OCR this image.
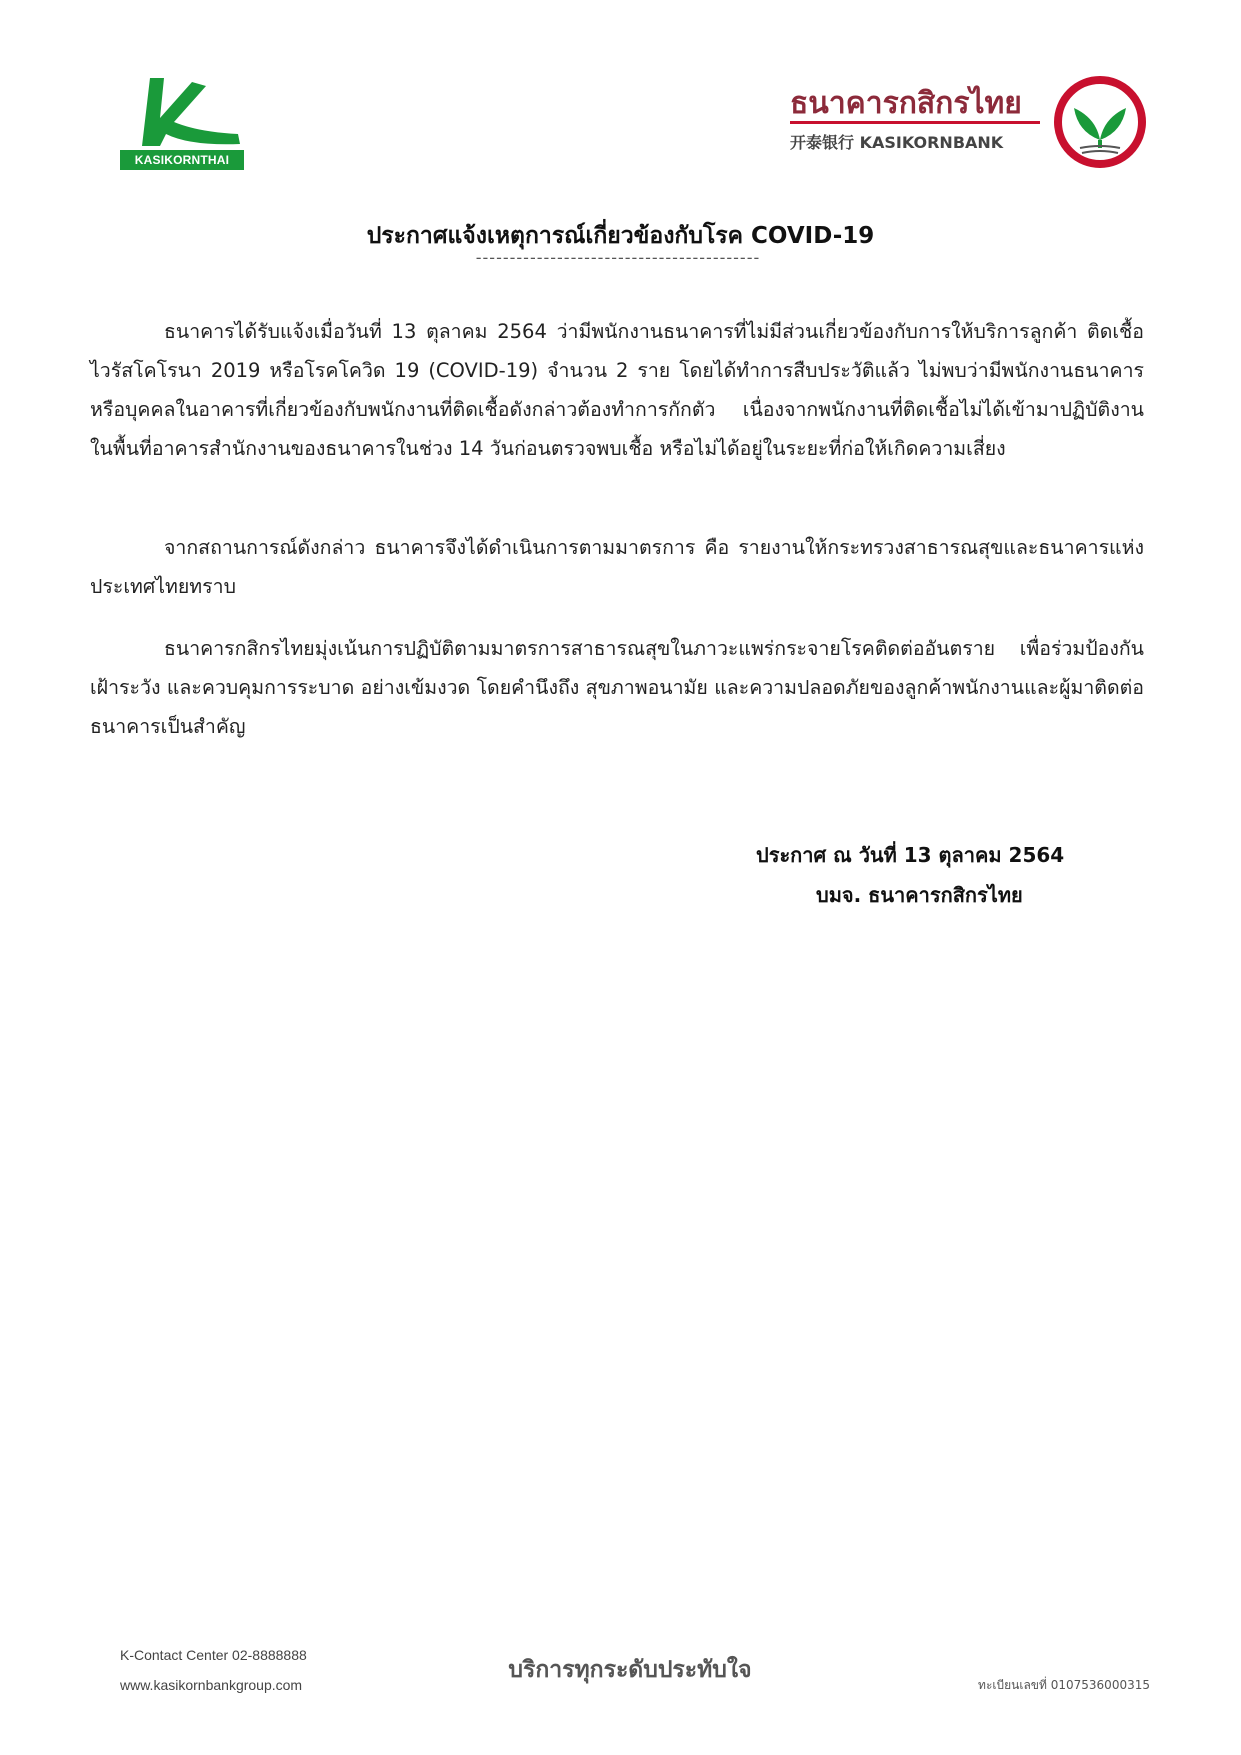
KASIKORNTHAI
ธนาคารกสิกรไทย
开泰银行 KASIKORNBANK
ประกาศแจ้งเหตุการณ์เกี่ยวข้องกับโรค COVID-19
------------------------------------------
ธนาคารได้รับแจ้งเมื่อวันที่ 13 ตุลาคม 2564 ว่ามีพนักงานธนาคารที่ไม่มีส่วนเกี่ยวข้องกับการให้บริการลูกค้า ติดเชื้อไวรัสโคโรนา 2019 หรือโรคโควิด 19 (COVID-19) จำนวน 2 ราย โดยได้ทำการสืบประวัติแล้ว ไม่พบว่ามีพนักงานธนาคารหรือบุคคลในอาคารที่เกี่ยวข้องกับพนักงานที่ติดเชื้อดังกล่าวต้องทำการกักตัว เนื่องจากพนักงานที่ติดเชื้อไม่ได้เข้ามาปฏิบัติงานในพื้นที่อาคารสำนักงานของธนาคารในช่วง 14 วันก่อนตรวจพบเชื้อ หรือไม่ได้อยู่ในระยะที่ก่อให้เกิดความเสี่ยง
จากสถานการณ์ดังกล่าว ธนาคารจึงได้ดำเนินการตามมาตรการ คือ รายงานให้กระทรวงสาธารณสุขและธนาคารแห่งประเทศไทยทราบ
ธนาคารกสิกรไทยมุ่งเน้นการปฏิบัติตามมาตรการสาธารณสุขในภาวะแพร่กระจายโรคติดต่ออันตราย เพื่อร่วมป้องกัน เฝ้าระวัง และควบคุมการระบาด อย่างเข้มงวด โดยคำนึงถึง สุขภาพอนามัย และความปลอดภัยของลูกค้าพนักงานและผู้มาติดต่อธนาคารเป็นสำคัญ
ประกาศ ณ วันที่ 13 ตุลาคม 2564
บมจ. ธนาคารกสิกรไทย
K-Contact Center 02-8888888
www.kasikornbankgroup.com
บริการทุกระดับประทับใจ
ทะเบียนเลขที่ 0107536000315
